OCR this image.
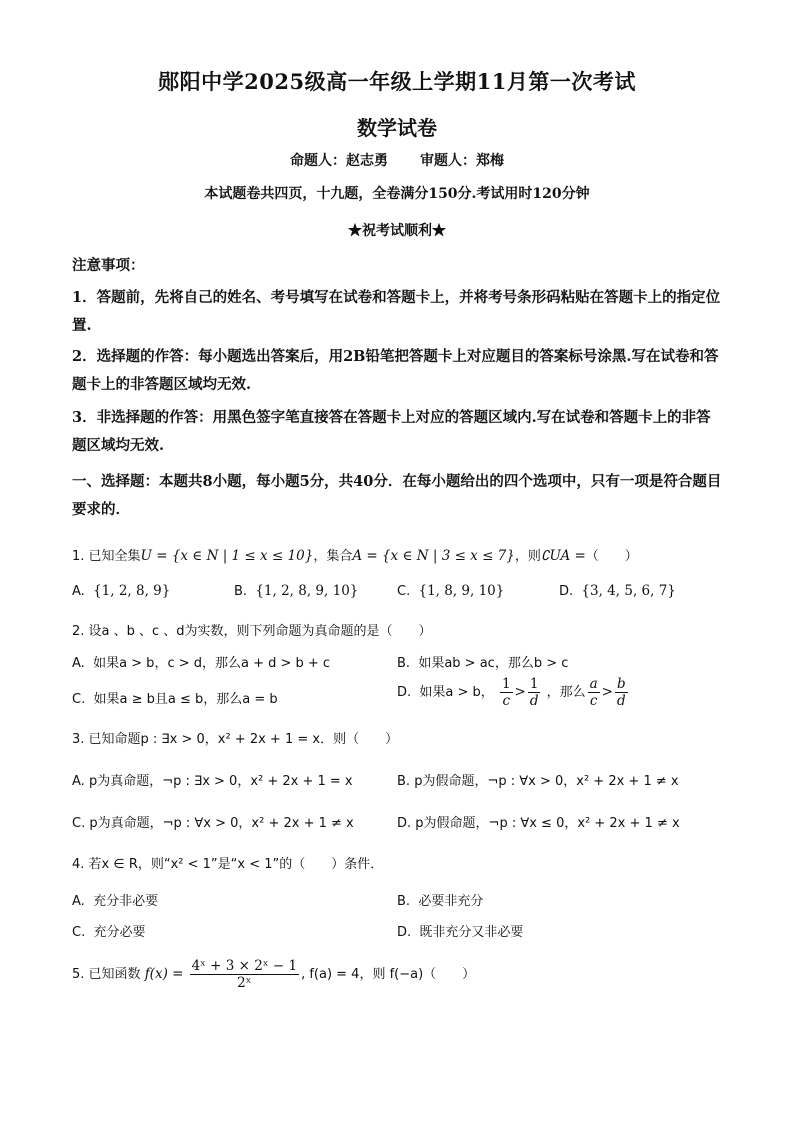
郧阳中学2025级高一年级上学期11月第一次考试
数学试卷
命题人：赵志勇 审题人：郑梅
本试题卷共四页，十九题，全卷满分150分.考试用时120分钟
★祝考试顺利★
注意事项：
1．答题前，先将自己的姓名、考号填写在试卷和答题卡上，并将考号条形码粘贴在答题卡上的指定位置.
2．选择题的作答：每小题选出答案后，用2B铅笔把答题卡上对应题目的答案标号涂黑.写在试卷和答题卡上的非答题区域均无效.
3．非选择题的作答：用黑色签字笔直接答在答题卡上对应的答题区域内.写在试卷和答题卡上的非答题区域均无效.
一、选择题：本题共8小题，每小题5分，共40分．在每小题给出的四个选项中，只有一项是符合题目要求的．
1. 已知全集U = {x ∈ N | 1 ≤ x ≤ 10}，集合A = {x ∈ N | 3 ≤ x ≤ 7}，则∁UA =（　　）
A. {1, 2, 8, 9}	B. {1, 2, 8, 9, 10}	C. {1, 8, 9, 10}	D. {3, 4, 5, 6, 7}
2. 设a 、b 、c 、d为实数，则下列命题为真命题的是（　　）
A. 如果a > b，c > d，那么a + d > b + c	B. 如果ab > ac，那么b > c
C. 如果a ≥ b且a ≤ b，那么a = b	D. 如果a > b， $\frac{1}{c} > \frac{1}{d}$ ，那么 $\frac{a}{c} > \frac{b}{d}$
3. 已知命题p : ∃x > 0，x² + 2x + 1 = x．则（　　）
A. p为真命题，¬p : ∃x > 0，x² + 2x + 1 = x	B. p为假命题，¬p : ∀x > 0，x² + 2x + 1 ≠ x
C. p为真命题，¬p : ∀x > 0，x² + 2x + 1 ≠ x	D. p为假命题，¬p : ∀x ≤ 0，x² + 2x + 1 ≠ x
4. 若x ∈ R，则“x² < 1”是“x < 1”的（　　）条件．
A. 充分非必要	B. 必要非充分
C. 充分必要	D. 既非充分又非必要
5. 已知函数 $f(x) = \frac{\text{4ˣ + 3 × 2ˣ − 1}}{\text{2ˣ}}$ , f(a) = 4，则 f(−a)（　　）
